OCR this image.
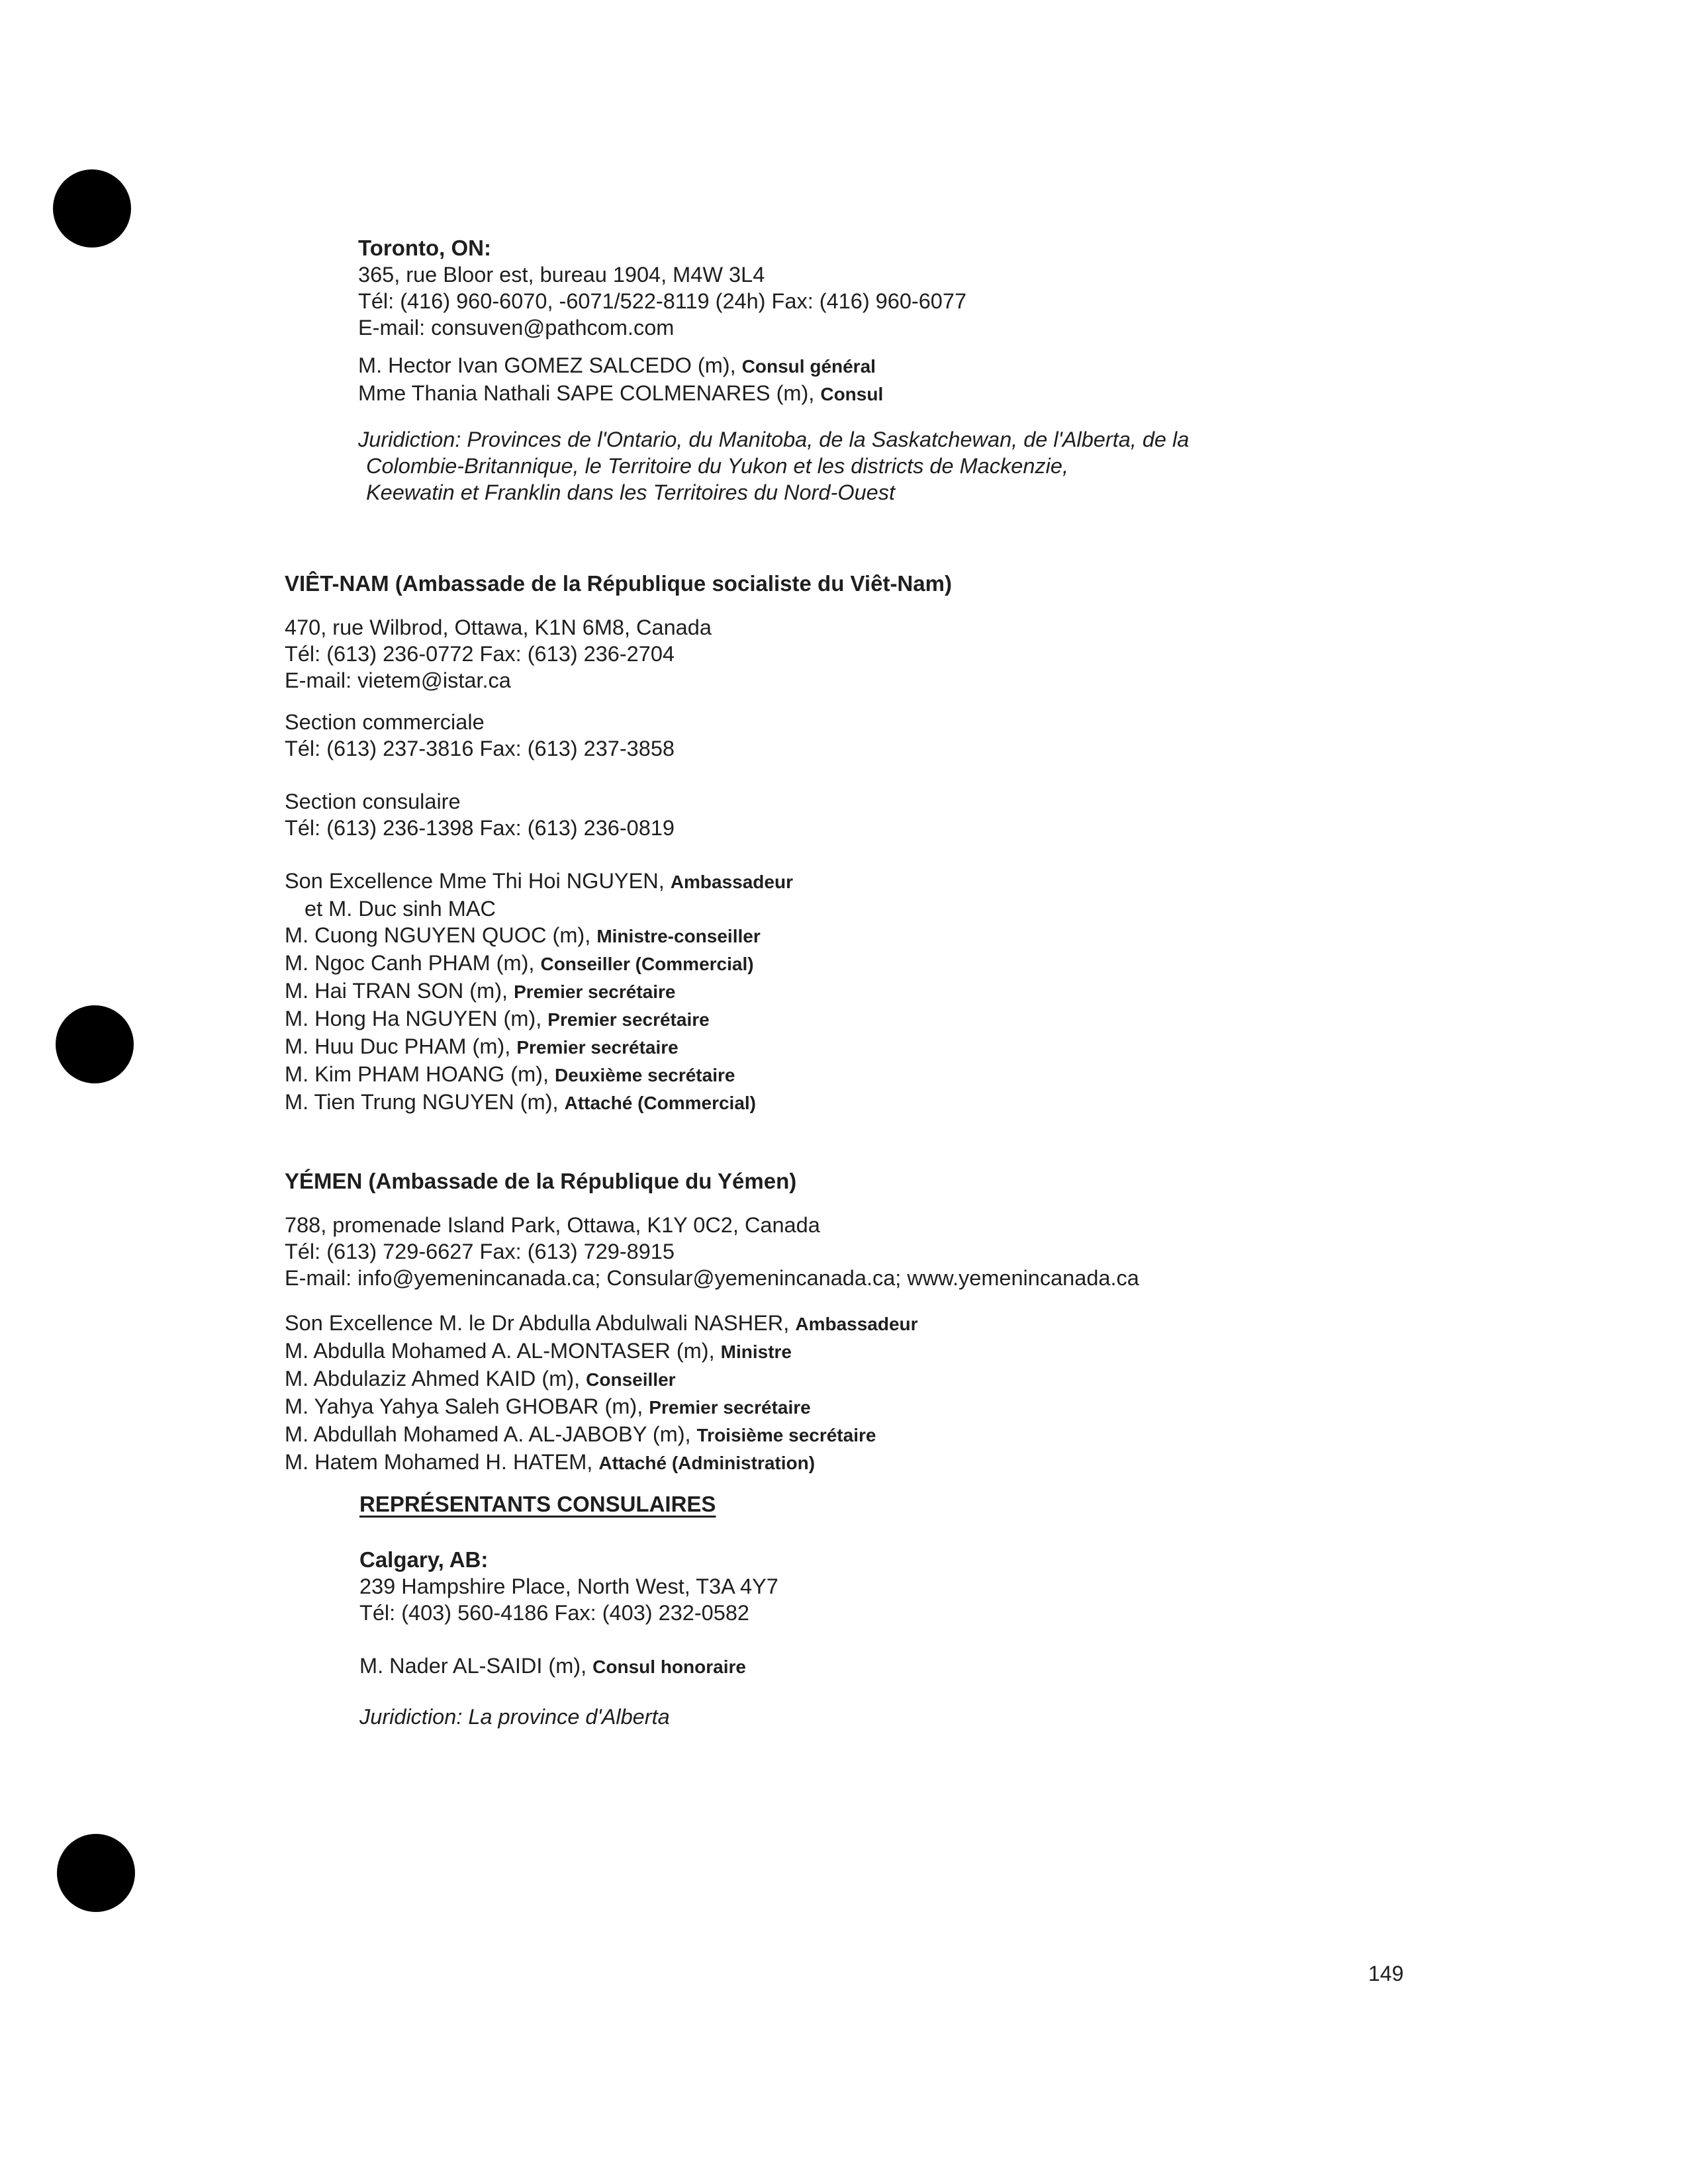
Toronto, ON:
365, rue Bloor est, bureau 1904, M4W 3L4
Tél: (416) 960-6070, -6071/522-8119 (24h) Fax: (416) 960-6077
E-mail: consuven@pathcom.com
M. Hector Ivan GOMEZ SALCEDO (m), Consul général
Mme Thania Nathali SAPE COLMENARES (m), Consul
Juridiction: Provinces de l'Ontario, du Manitoba, de la Saskatchewan, de l'Alberta, de la
Colombie-Britannique, le Territoire du Yukon et les districts de Mackenzie,
Keewatin et Franklin dans les Territoires du Nord-Ouest
VIÊT-NAM (Ambassade de la République socialiste du Viêt-Nam)
470, rue Wilbrod, Ottawa, K1N 6M8, Canada
Tél: (613) 236-0772 Fax: (613) 236-2704
E-mail: vietem@istar.ca
Section commerciale
Tél: (613) 237-3816 Fax: (613) 237-3858
Section consulaire
Tél: (613) 236-1398 Fax: (613) 236-0819
Son Excellence Mme Thi Hoi NGUYEN, Ambassadeur
et M. Duc sinh MAC
M. Cuong NGUYEN QUOC (m), Ministre-conseiller
M. Ngoc Canh PHAM (m), Conseiller (Commercial)
M. Hai TRAN SON (m), Premier secrétaire
M. Hong Ha NGUYEN (m), Premier secrétaire
M. Huu Duc PHAM (m), Premier secrétaire
M. Kim PHAM HOANG (m), Deuxième secrétaire
M. Tien Trung NGUYEN (m), Attaché (Commercial)
YÉMEN (Ambassade de la République du Yémen)
788, promenade Island Park, Ottawa, K1Y 0C2, Canada
Tél: (613) 729-6627 Fax: (613) 729-8915
E-mail: info@yemenincanada.ca; Consular@yemenincanada.ca; www.yemenincanada.ca
Son Excellence M. le Dr Abdulla Abdulwali NASHER, Ambassadeur
M. Abdulla Mohamed A. AL-MONTASER (m), Ministre
M. Abdulaziz Ahmed KAID (m), Conseiller
M. Yahya Yahya Saleh GHOBAR (m), Premier secrétaire
M. Abdullah Mohamed A. AL-JABOBY (m), Troisième secrétaire
M. Hatem Mohamed H. HATEM, Attaché (Administration)
REPRÉSENTANTS CONSULAIRES
Calgary, AB:
239 Hampshire Place, North West, T3A 4Y7
Tél: (403) 560-4186 Fax: (403) 232-0582
M. Nader AL-SAIDI (m), Consul honoraire
Juridiction: La province d'Alberta
149
